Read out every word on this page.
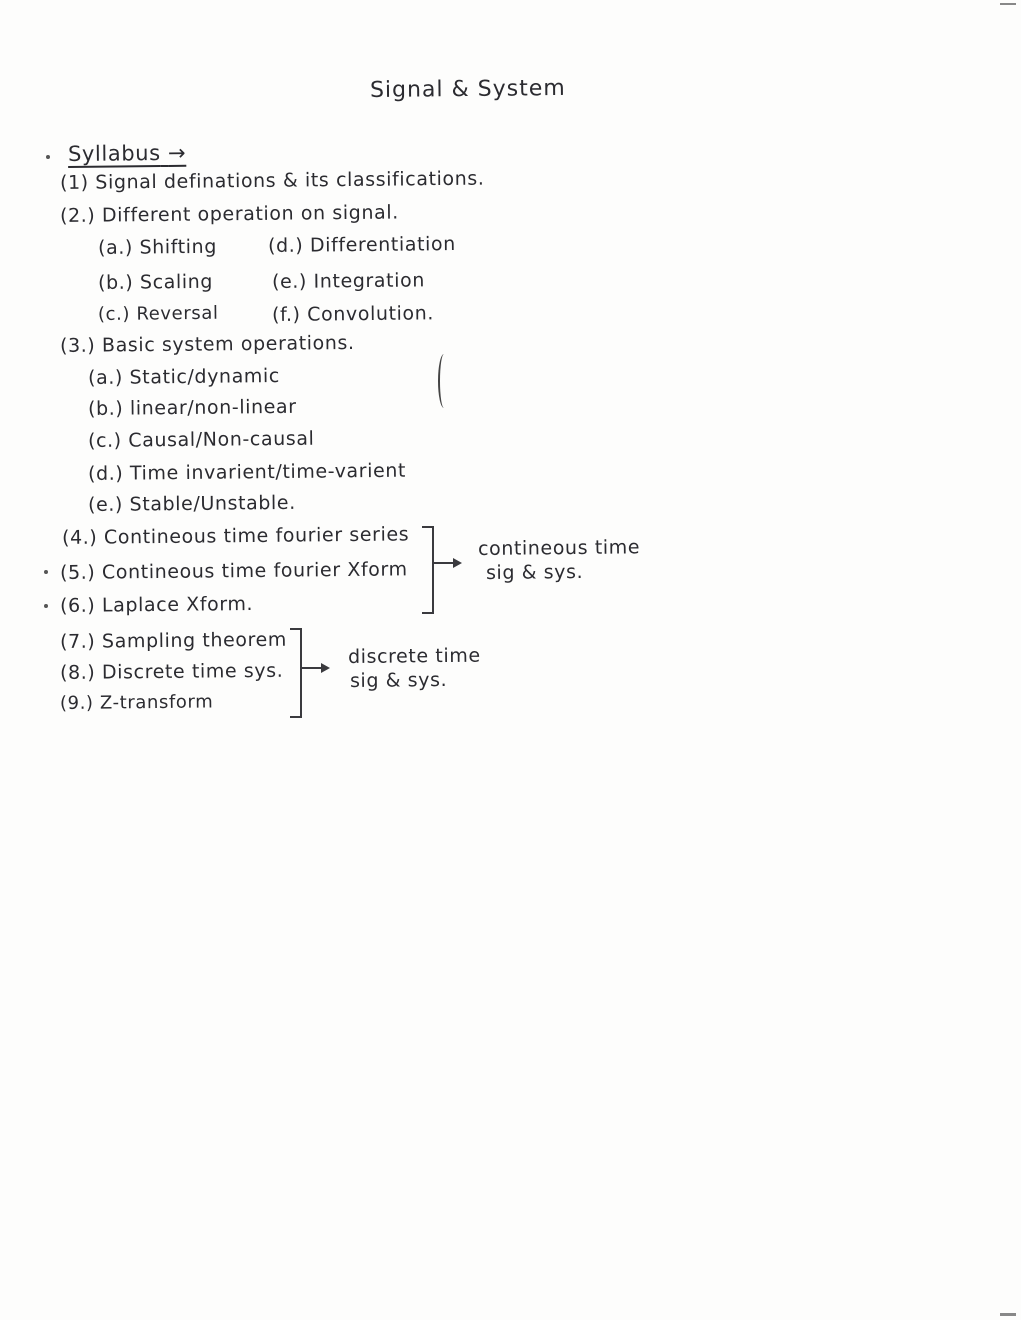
Signal & System
Syllabus →
(1) Signal definations & its classifications.
(2.) Different operation on signal.
(a.) Shifting	(d.) Differentiation
(b.) Scaling	(e.) Integration
(c.) Reversal	(f.) Convolution.
(3.) Basic system operations.
(a.) Static/dynamic
(b.) linear/non-linear
(c.) Causal/Non-causal
(d.) Time invarient/time-varient
(e.) Stable/Unstable.
(4.) Contineous time fourier series
(5.) Contineous time fourier Xform
(6.) Laplace Xform.
contineous time
sig & sys.
(7.) Sampling theorem
(8.) Discrete time sys.
(9.) Z-transform
discrete time
sig & sys.
